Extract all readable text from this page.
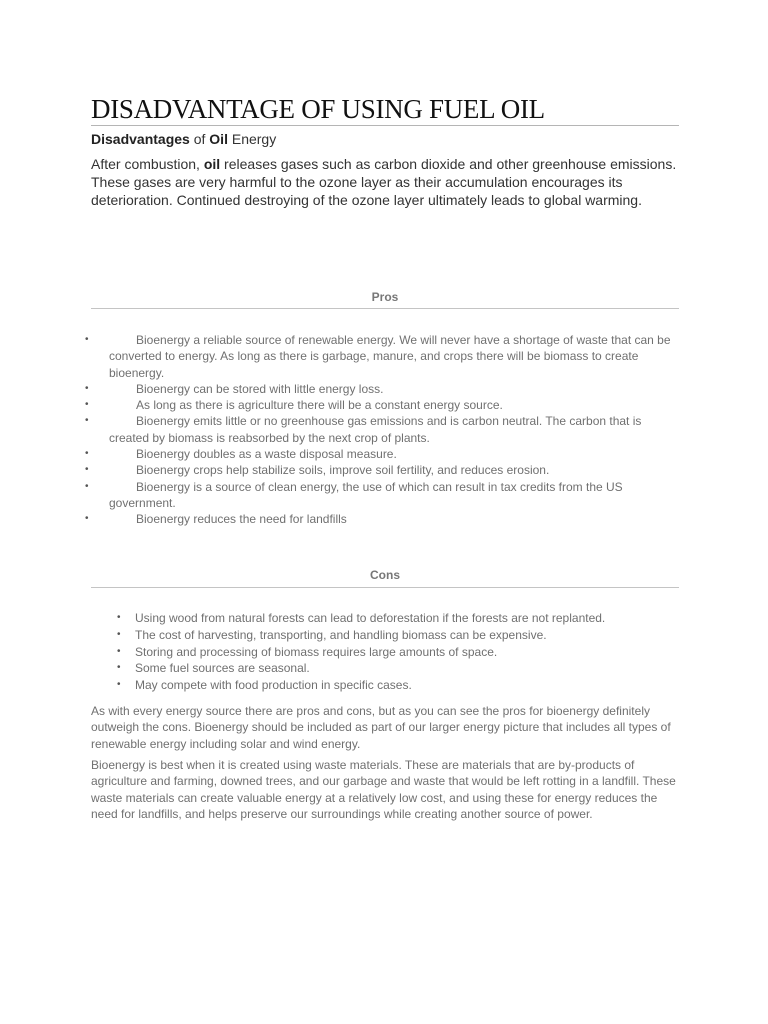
DISADVANTAGE OF USING FUEL OIL

Disadvantages of Oil Energy

After combustion, oil releases gases such as carbon dioxide and other greenhouse emissions. These gases are very harmful to the ozone layer as their accumulation encourages its deterioration. Continued destroying of the ozone layer ultimately leads to global warming.

Pros
•	Bioenergy a reliable source of renewable energy. We will never have a shortage of waste that can be converted to energy. As long as there is garbage, manure, and crops there will be biomass to create bioenergy.
•	Bioenergy can be stored with little energy loss.
•	As long as there is agriculture there will be a constant energy source.
•	Bioenergy emits little or no greenhouse gas emissions and is carbon neutral. The carbon that is created by biomass is reabsorbed by the next crop of plants.
•	Bioenergy doubles as a waste disposal measure.
•	Bioenergy crops help stabilize soils, improve soil fertility, and reduces erosion.
•	Bioenergy is a source of clean energy, the use of which can result in tax credits from the US government.
•	Bioenergy reduces the need for landfills
Cons
• Using wood from natural forests can lead to deforestation if the forests are not replanted.
• The cost of harvesting, transporting, and handling biomass can be expensive.
• Storing and processing of biomass requires large amounts of space.
• Some fuel sources are seasonal.
• May compete with food production in specific cases.

As with every energy source there are pros and cons, but as you can see the pros for bioenergy definitely outweigh the cons. Bioenergy should be included as part of our larger energy picture that includes all types of renewable energy including solar and wind energy.

Bioenergy is best when it is created using waste materials. These are materials that are by-products of agriculture and farming, downed trees, and our garbage and waste that would be left rotting in a landfill. These waste materials can create valuable energy at a relatively low cost, and using these for energy reduces the need for landfills, and helps preserve our surroundings while creating another source of power.
